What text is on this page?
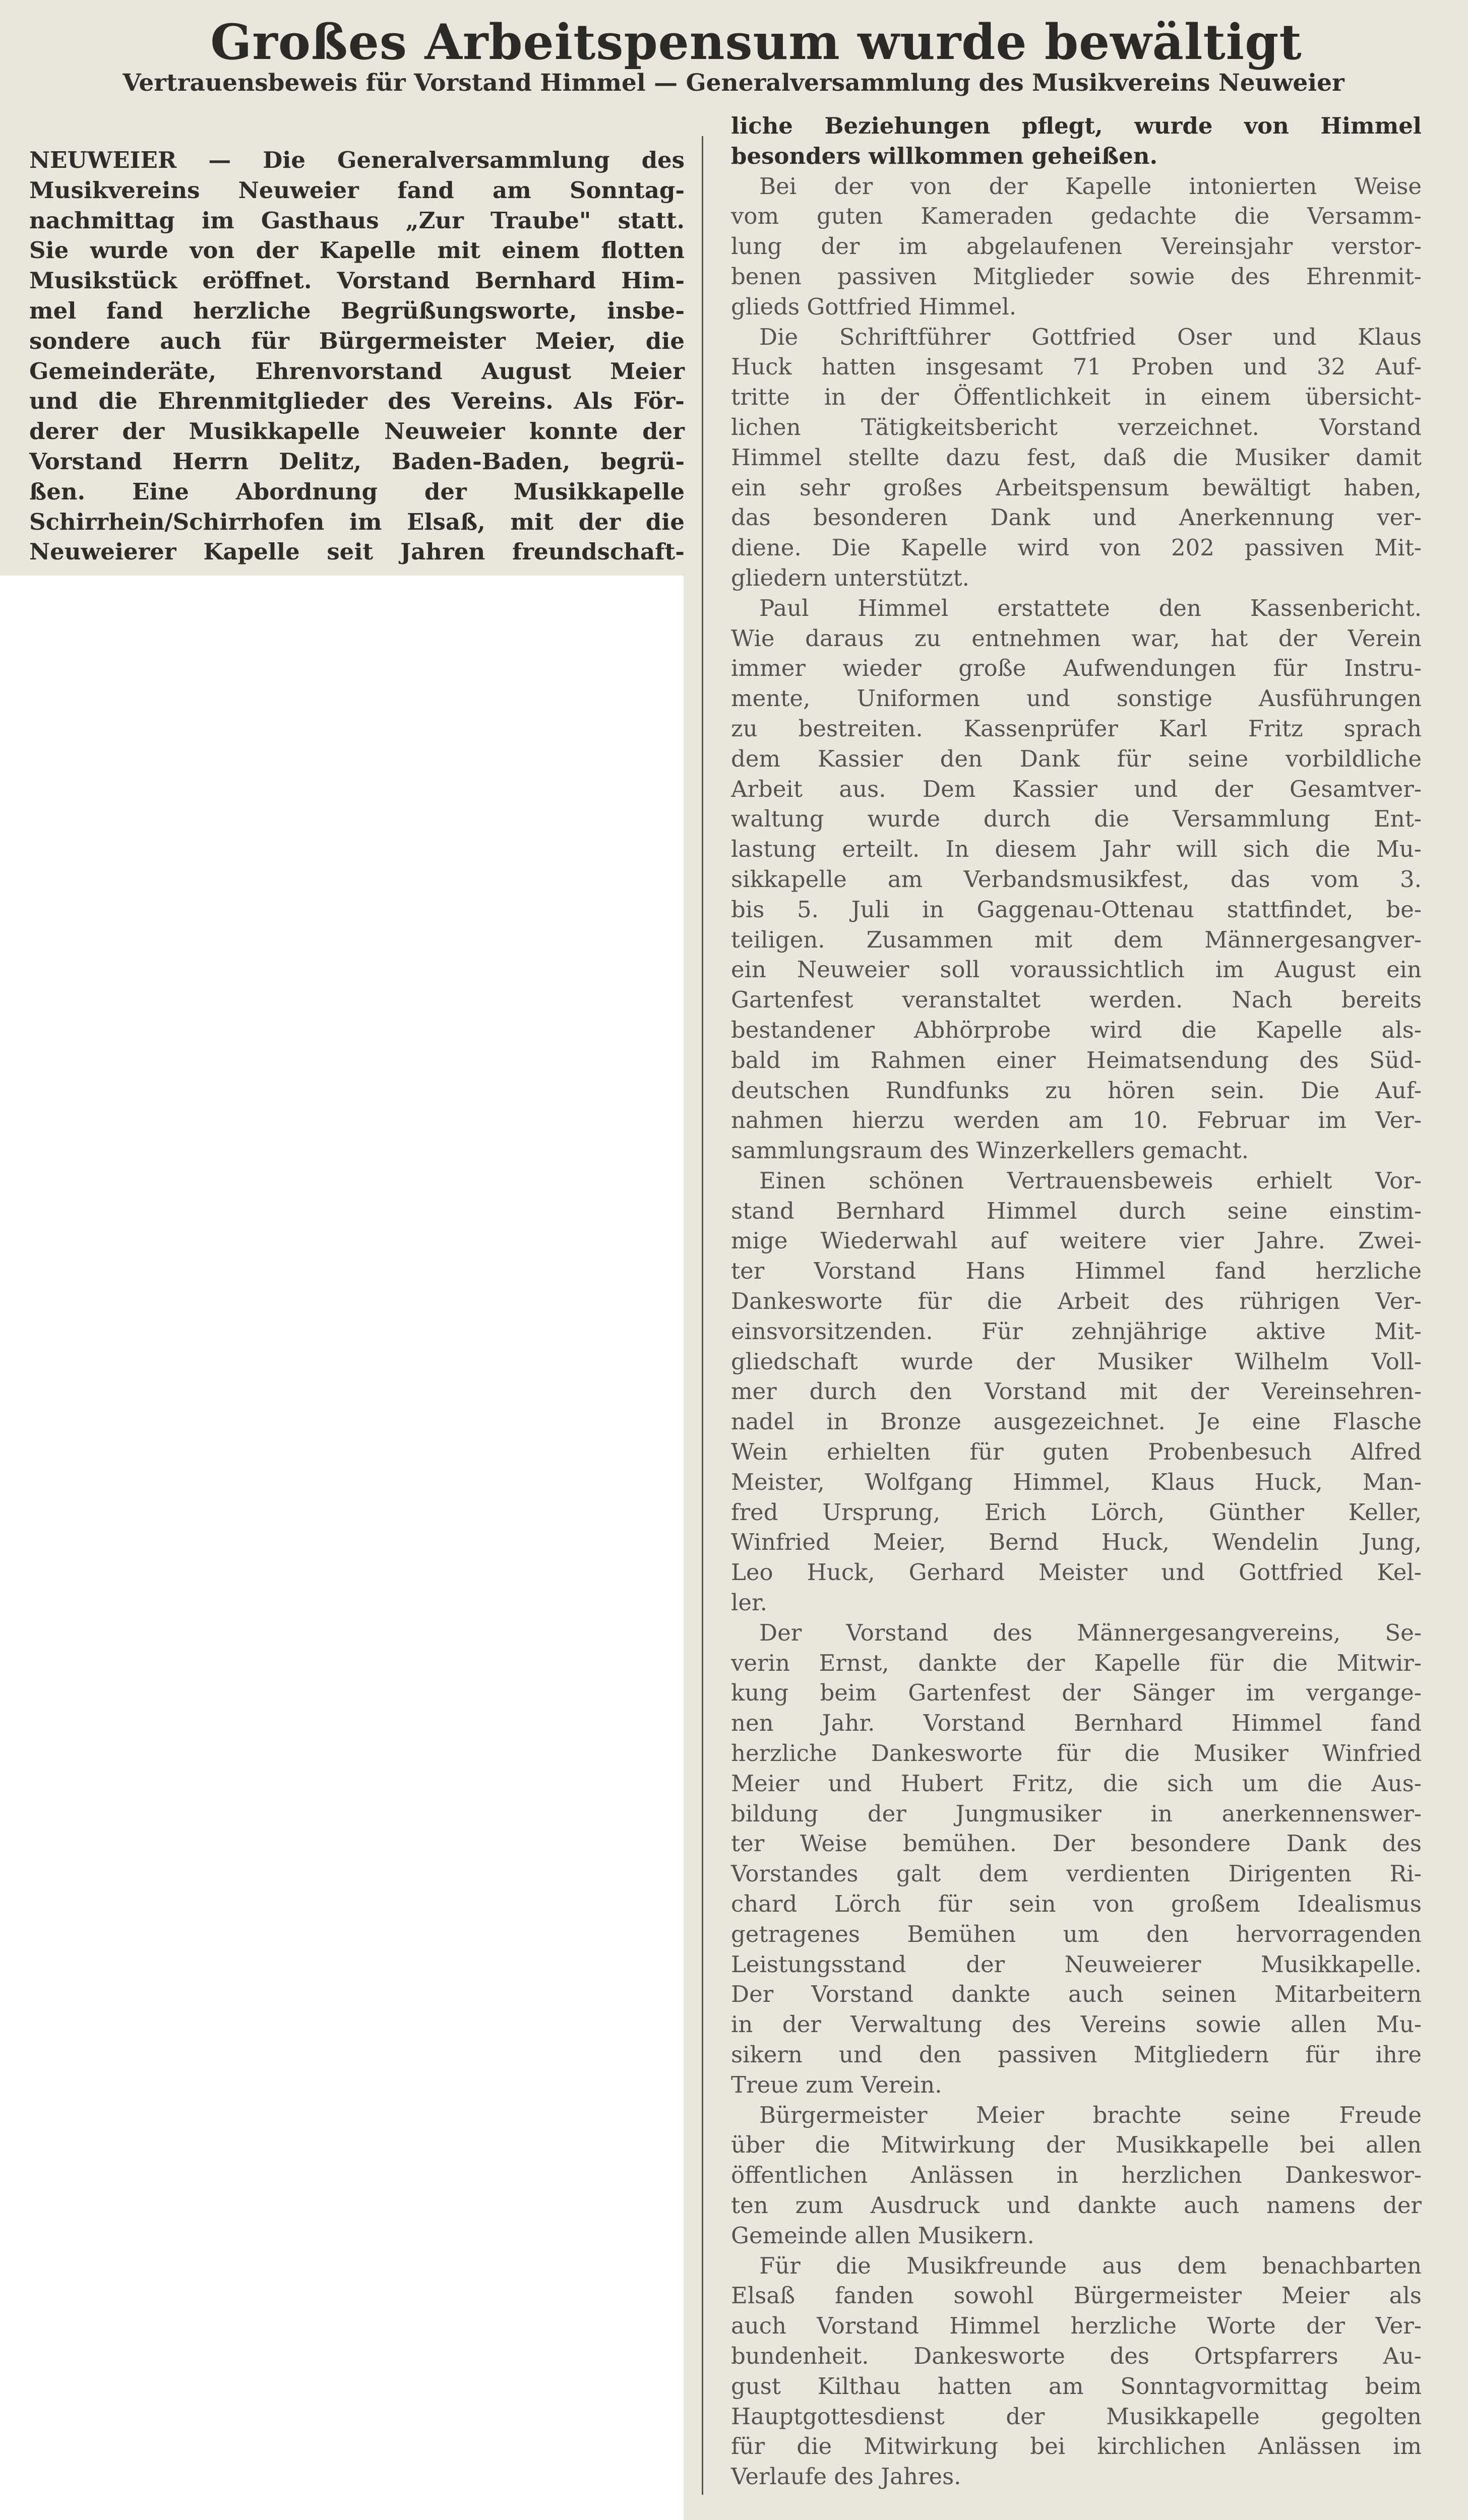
Großes Arbeitspensum wurde bewältigt
Vertrauensbeweis für Vorstand Himmel — Generalversammlung des Musikvereins Neuweier
NEUWEIER — Die Generalversammlung des
Musikvereins Neuweier fand am Sonntag-
nachmittag im Gasthaus „Zur Traube" statt.
Sie wurde von der Kapelle mit einem flotten
Musikstück eröffnet. Vorstand Bernhard Him-
mel fand herzliche Begrüßungsworte, insbe-
sondere auch für Bürgermeister Meier, die
Gemeinderäte, Ehrenvorstand August Meier
und die Ehrenmitglieder des Vereins. Als För-
derer der Musikkapelle Neuweier konnte der
Vorstand Herrn Delitz, Baden-Baden, begrü-
ßen. Eine Abordnung der Musikkapelle
Schirrhein/Schirrhofen im Elsaß, mit der die
Neuweierer Kapelle seit Jahren freundschaft-
liche Beziehungen pflegt, wurde von Himmel
besonders willkommen geheißen.
Bei der von der Kapelle intonierten Weise
vom guten Kameraden gedachte die Versamm-
lung der im abgelaufenen Vereinsjahr verstor-
benen passiven Mitglieder sowie des Ehrenmit-
glieds Gottfried Himmel.
Die Schriftführer Gottfried Oser und Klaus
Huck hatten insgesamt 71 Proben und 32 Auf-
tritte in der Öffentlichkeit in einem übersicht-
lichen Tätigkeitsbericht verzeichnet. Vorstand
Himmel stellte dazu fest, daß die Musiker damit
ein sehr großes Arbeitspensum bewältigt haben,
das besonderen Dank und Anerkennung ver-
diene. Die Kapelle wird von 202 passiven Mit-
gliedern unterstützt.
Paul Himmel erstattete den Kassenbericht.
Wie daraus zu entnehmen war, hat der Verein
immer wieder große Aufwendungen für Instru-
mente, Uniformen und sonstige Ausführungen
zu bestreiten. Kassenprüfer Karl Fritz sprach
dem Kassier den Dank für seine vorbildliche
Arbeit aus. Dem Kassier und der Gesamtver-
waltung wurde durch die Versammlung Ent-
lastung erteilt. In diesem Jahr will sich die Mu-
sikkapelle am Verbandsmusikfest, das vom 3.
bis 5. Juli in Gaggenau-Ottenau stattfindet, be-
teiligen. Zusammen mit dem Männergesangver-
ein Neuweier soll voraussichtlich im August ein
Gartenfest veranstaltet werden. Nach bereits
bestandener Abhörprobe wird die Kapelle als-
bald im Rahmen einer Heimatsendung des Süd-
deutschen Rundfunks zu hören sein. Die Auf-
nahmen hierzu werden am 10. Februar im Ver-
sammlungsraum des Winzerkellers gemacht.
Einen schönen Vertrauensbeweis erhielt Vor-
stand Bernhard Himmel durch seine einstim-
mige Wiederwahl auf weitere vier Jahre. Zwei-
ter Vorstand Hans Himmel fand herzliche
Dankesworte für die Arbeit des rührigen Ver-
einsvorsitzenden. Für zehnjährige aktive Mit-
gliedschaft wurde der Musiker Wilhelm Voll-
mer durch den Vorstand mit der Vereinsehren-
nadel in Bronze ausgezeichnet. Je eine Flasche
Wein erhielten für guten Probenbesuch Alfred
Meister, Wolfgang Himmel, Klaus Huck, Man-
fred Ursprung, Erich Lörch, Günther Keller,
Winfried Meier, Bernd Huck, Wendelin Jung,
Leo Huck, Gerhard Meister und Gottfried Kel-
ler.
Der Vorstand des Männergesangvereins, Se-
verin Ernst, dankte der Kapelle für die Mitwir-
kung beim Gartenfest der Sänger im vergange-
nen Jahr. Vorstand Bernhard Himmel fand
herzliche Dankesworte für die Musiker Winfried
Meier und Hubert Fritz, die sich um die Aus-
bildung der Jungmusiker in anerkennenswer-
ter Weise bemühen. Der besondere Dank des
Vorstandes galt dem verdienten Dirigenten Ri-
chard Lörch für sein von großem Idealismus
getragenes Bemühen um den hervorragenden
Leistungsstand der Neuweierer Musikkapelle.
Der Vorstand dankte auch seinen Mitarbeitern
in der Verwaltung des Vereins sowie allen Mu-
sikern und den passiven Mitgliedern für ihre
Treue zum Verein.
Bürgermeister Meier brachte seine Freude
über die Mitwirkung der Musikkapelle bei allen
öffentlichen Anlässen in herzlichen Dankeswor-
ten zum Ausdruck und dankte auch namens der
Gemeinde allen Musikern.
Für die Musikfreunde aus dem benachbarten
Elsaß fanden sowohl Bürgermeister Meier als
auch Vorstand Himmel herzliche Worte der Ver-
bundenheit. Dankesworte des Ortspfarrers Au-
gust Kilthau hatten am Sonntagvormittag beim
Hauptgottesdienst der Musikkapelle gegolten
für die Mitwirkung bei kirchlichen Anlässen im
Verlaufe des Jahres.
